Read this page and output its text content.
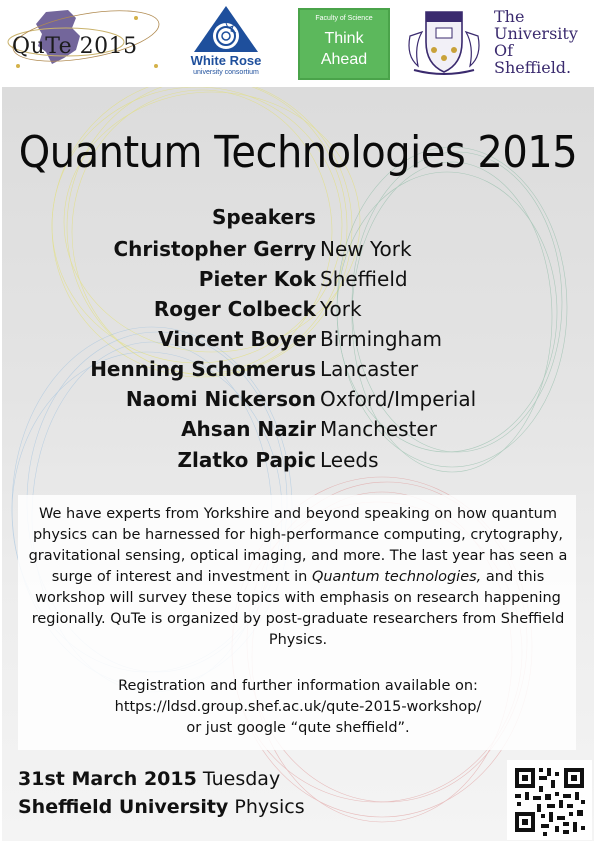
QuTe 2015
White Rose
university consortium
Faculty of Science
Think
Ahead
The
University
Of
Sheffield.
Quantum Technologies 2015
Speakers
Christopher Gerry New York
Pieter Kok Sheffield
Roger Colbeck York
Vincent Boyer Birmingham
Henning Schomerus Lancaster
Naomi Nickerson Oxford/Imperial
Ahsan Nazir Manchester
Zlatko Papic Leeds

We have experts from Yorkshire and beyond speaking on how quantum physics can be harnessed for high-performance computing, crytography, gravitational sensing, optical imaging, and more. The last year has seen a surge of interest and investment in Quantum technologies, and this workshop will survey these topics with emphasis on research happening regionally. QuTe is organized by post-graduate researchers from Sheffield Physics.

Registration and further information available on:
https://ldsd.group.shef.ac.uk/qute-2015-workshop/
or just google “qute sheffield”.
31st March 2015 Tuesday
Sheffield University Physics
